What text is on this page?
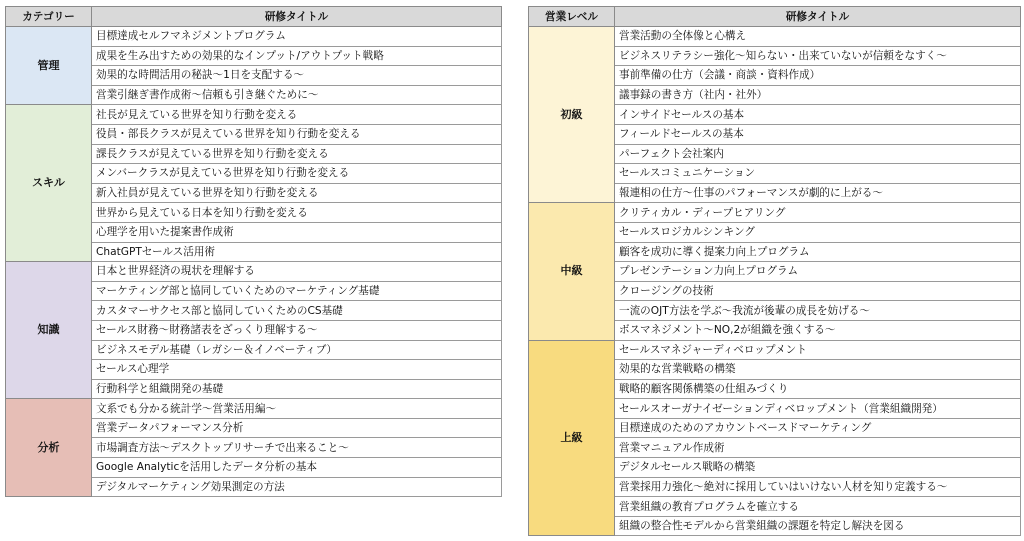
カテゴリー	研修タイトル
管理	目標達成セルフマネジメントプログラム
	成果を生み出すための効果的なインプット/アウトプット戦略
	効果的な時間活用の秘訣〜1日を支配する〜
	営業引継ぎ書作成術〜信頼も引き継ぐために〜
スキル	社長が見えている世界を知り行動を変える
	役員・部長クラスが見えている世界を知り行動を変える
	課長クラスが見えている世界を知り行動を変える
	メンバークラスが見えている世界を知り行動を変える
	新入社員が見えている世界を知り行動を変える
	世界から見えている日本を知り行動を変える
	心理学を用いた提案書作成術
	ChatGPTセールス活用術
知識	日本と世界経済の現状を理解する
	マーケティング部と協同していくためのマーケティング基礎
	カスタマーサクセス部と協同していくためのCS基礎
	セールス財務〜財務諸表をざっくり理解する〜
	ビジネスモデル基礎（レガシー＆イノベーティブ）
	セールス心理学
	行動科学と組織開発の基礎
分析	文系でも分かる統計学〜営業活用編〜
	営業データパフォーマンス分析
	市場調査方法〜デスクトップリサーチで出来ること〜
	Google Analyticを活用したデータ分析の基本
	デジタルマーケティング効果測定の方法
営業レベル	研修タイトル
初級	営業活動の全体像と心構え
	ビジネスリテラシー強化〜知らない・出来ていないが信頼をなすく〜
	事前準備の仕方（会議・商談・資料作成）
	議事録の書き方（社内・社外）
	インサイドセールスの基本
	フィールドセールスの基本
	パーフェクト会社案内
	セールスコミュニケーション
	報連相の仕方〜仕事のパフォーマンスが劇的に上がる〜
中級	クリティカル・ディープヒアリング
	セールスロジカルシンキング
	顧客を成功に導く提案力向上プログラム
	プレゼンテーション力向上プログラム
	クロージングの技術
	一流のOJT方法を学ぶ〜我流が後輩の成長を妨げる〜
	ボスマネジメント〜NO,2が組織を強くする〜
上級	セールスマネジャーディベロップメント
	効果的な営業戦略の構築
	戦略的顧客関係構築の仕組みづくり
	セールスオーガナイゼーションディベロップメント（営業組織開発）
	目標達成のためのアカウントベースドマーケティング
	営業マニュアル作成術
	デジタルセールス戦略の構築
	営業採用力強化〜絶対に採用していはいけない人材を知り定義する〜
	営業組織の教育プログラムを確立する
	組織の整合性モデルから営業組織の課題を特定し解決を図る
